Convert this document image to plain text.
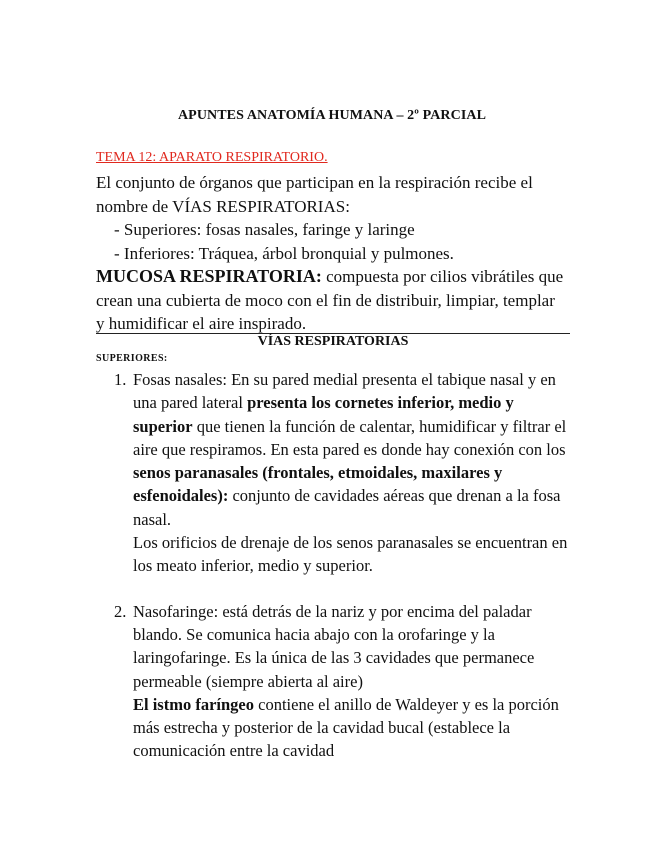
APUNTES ANATOMÍA HUMANA – 2º PARCIAL
TEMA 12: APARATO RESPIRATORIO.

El conjunto de órganos que participan en la respiración recibe el nombre de VÍAS RESPIRATORIAS:

- Superiores: fosas nasales, faringe y laringe
- Inferiores: Tráquea, árbol bronquial y pulmones.

MUCOSA RESPIRATORIA: compuesta por cilios vibrátiles que crean una cubierta de moco con el fin de distribuir, limpiar, templar y humidificar el aire inspirado.

VÍAS RESPIRATORIAS
SUPERIORES:
1. Fosas nasales: En su pared medial presenta el tabique nasal y en una pared lateral presenta los cornetes inferior, medio y superior que tienen la función de calentar, humidificar y filtrar el aire que respiramos. En esta pared es donde hay conexión con los senos paranasales (frontales, etmoidales, maxilares y esfenoidales): conjunto de cavidades aéreas que drenan a la fosa nasal.

Los orificios de drenaje de los senos paranasales se encuentran en los meato inferior, medio y superior.

2. Nasofaringe: está detrás de la nariz y por encima del paladar blando. Se comunica hacia abajo con la orofaringe y la laringofaringe. Es la única de las 3 cavidades que permanece permeable (siempre abierta al aire)

El istmo faríngeo contiene el anillo de Waldeyer y es la porción más estrecha y posterior de la cavidad bucal (establece la comunicación entre la cavidad
